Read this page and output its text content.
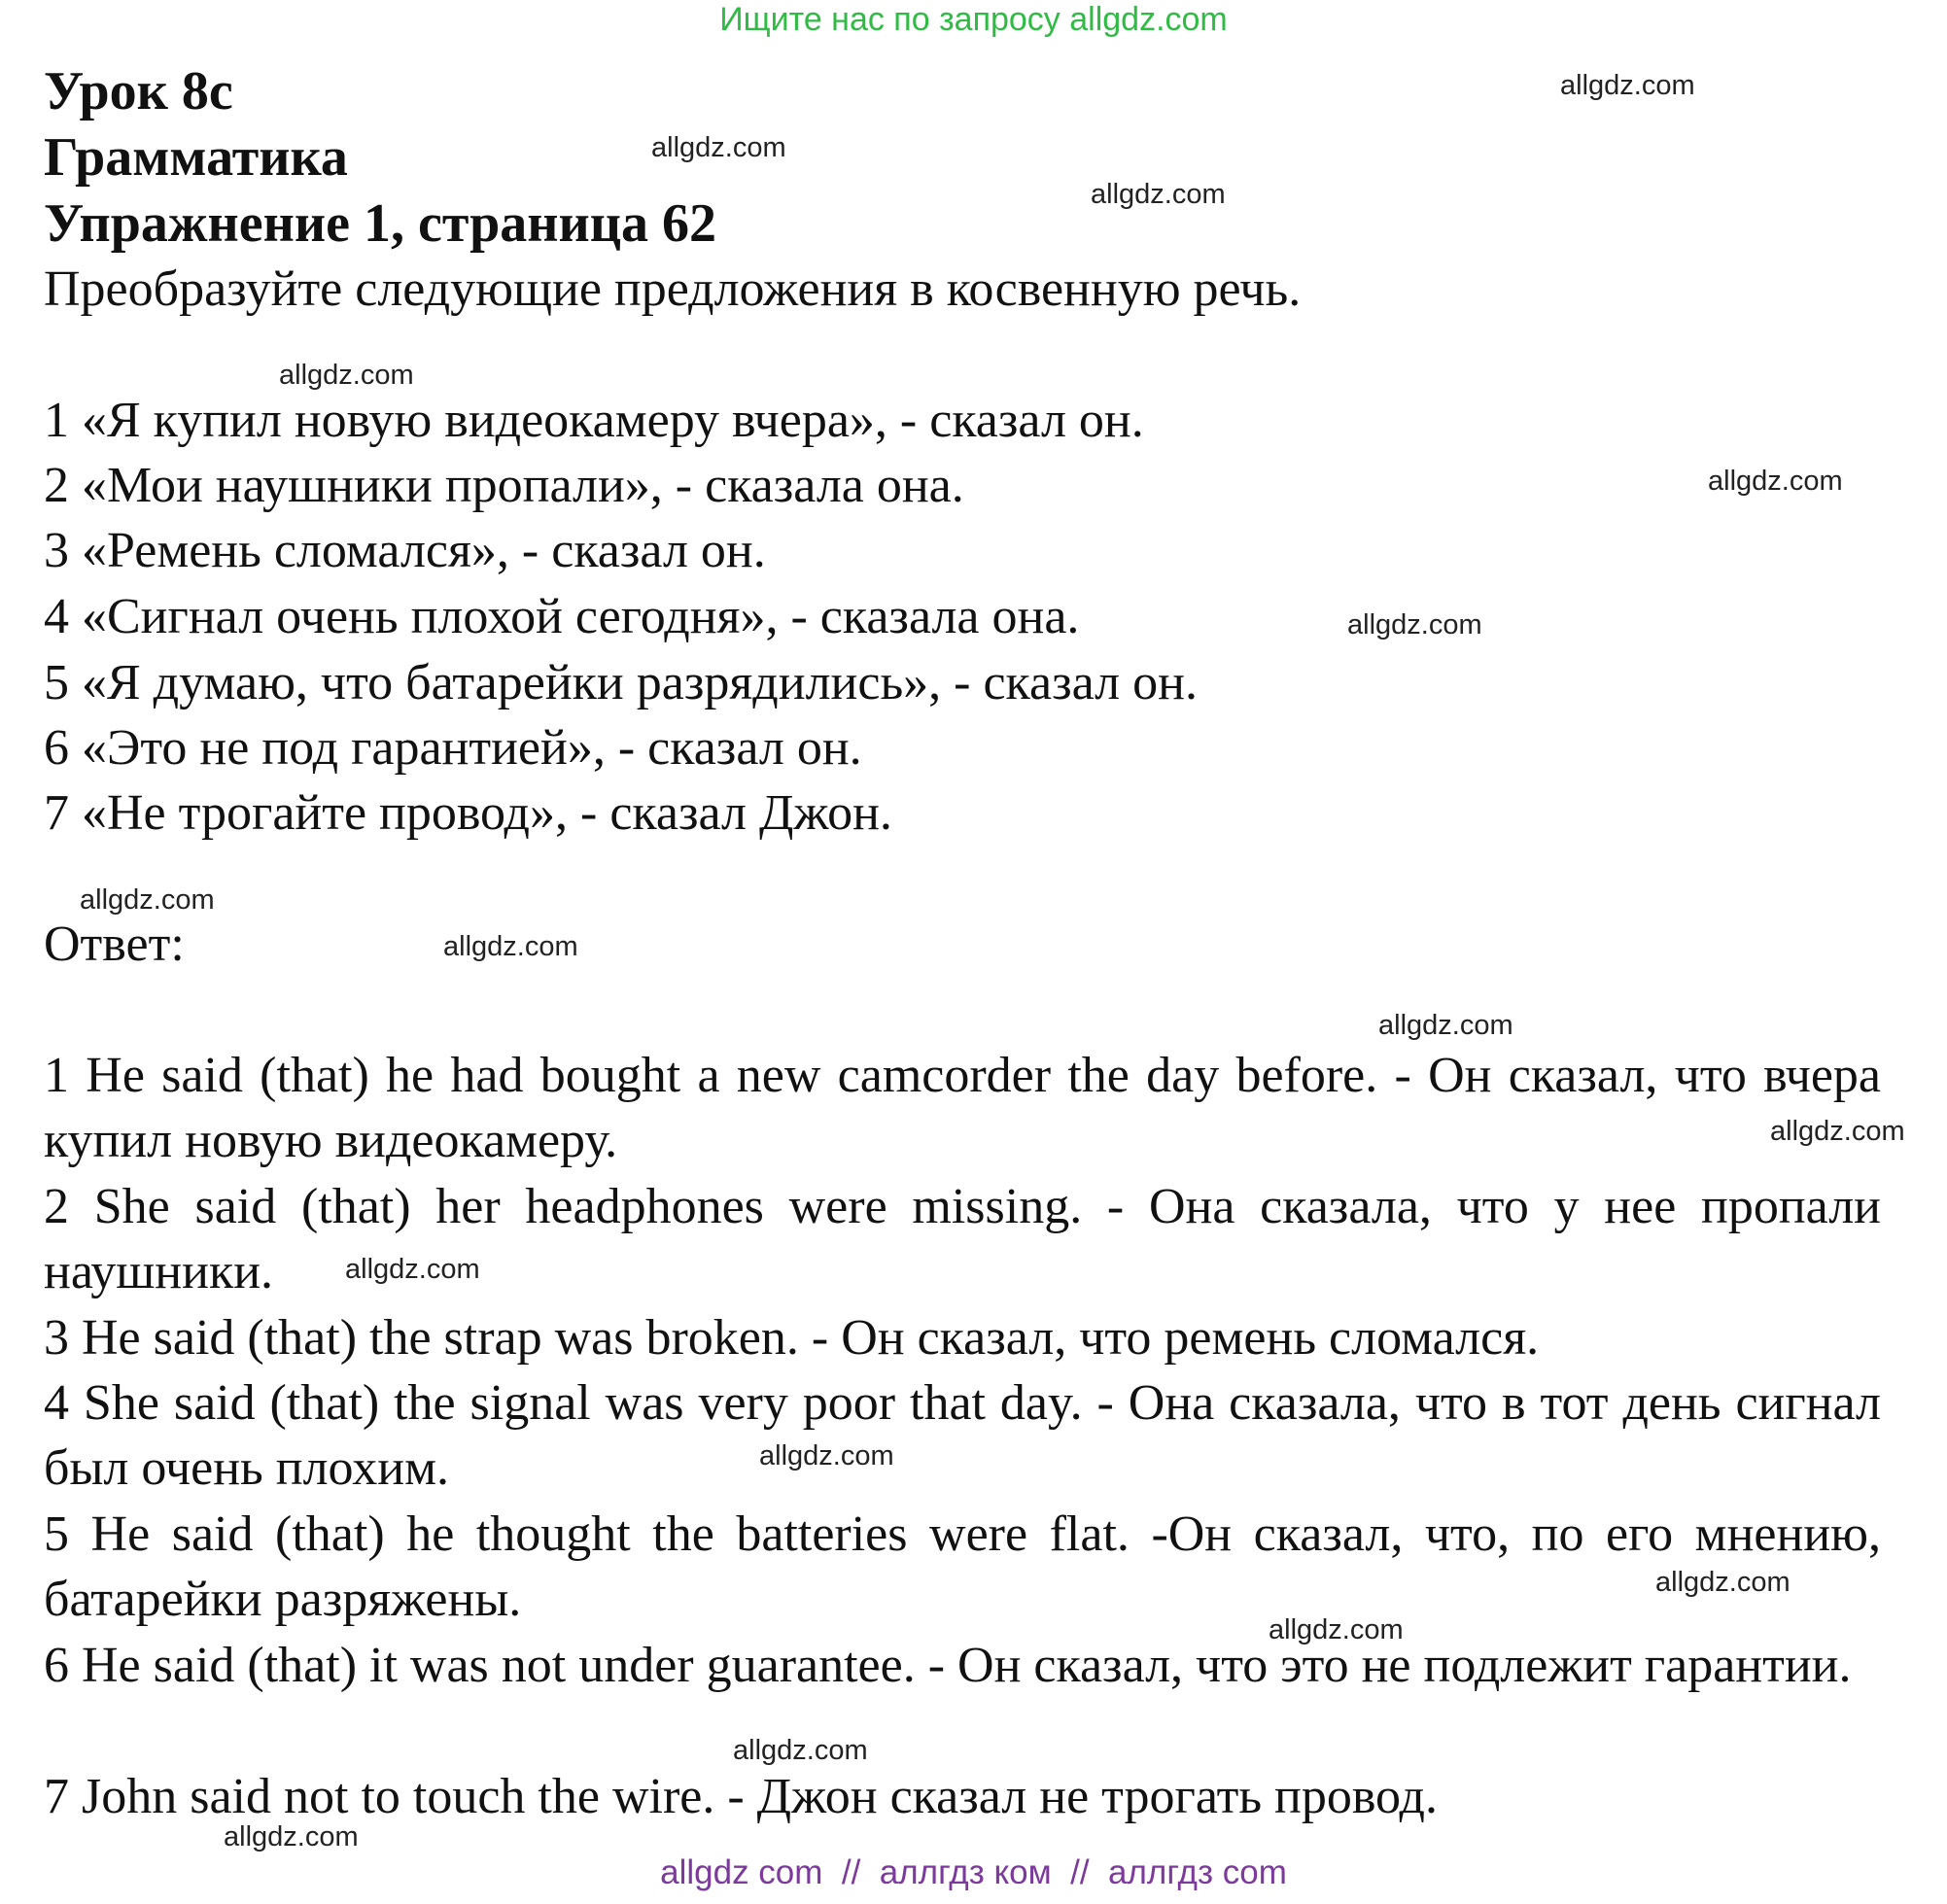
Ищите нас по запросу allgdz.com
Урок 8c
Грамматика
Упражнение 1, страница 62
Преобразуйте следующие предложения в косвенную речь.
1 «Я купил новую видеокамеру вчера», - сказал он.
2 «Мои наушники пропали», - сказала она.
3 «Ремень сломался», - сказал он.
4 «Сигнал очень плохой сегодня», - сказала она.
5 «Я думаю, что батарейки разрядились», - сказал он.
6 «Это не под гарантией», - сказал он.
7 «Не трогайте провод», - сказал Джон.
Ответ:
1 He said (that) he had bought a new camcorder the day before. - Он сказал, что вчера купил новую видеокамеру.
2 She said (that) her headphones were missing. - Она сказала, что у нее пропали наушники.
3 He said (that) the strap was broken. - Он сказал, что ремень сломался.
4 She said (that) the signal was very poor that day. - Она сказала, что в тот день сигнал был очень плохим.
5 He said (that) he thought the batteries were flat. -Он сказал, что, по его мнению, батарейки разряжены.
6 He said (that) it was not under guarantee. - Он сказал, что это не подлежит гарантии.
7 John said not to touch the wire. - Джон сказал не трогать провод.
allgdz.com
allgdz.com
allgdz.com
allgdz.com
allgdz.com
allgdz.com
allgdz.com
allgdz.com
allgdz.com
allgdz.com
allgdz.com
allgdz.com
allgdz.com
allgdz.com
allgdz.com
allgdz.com
allgdz com  //  аллгдз ком  //  аллгдз com
